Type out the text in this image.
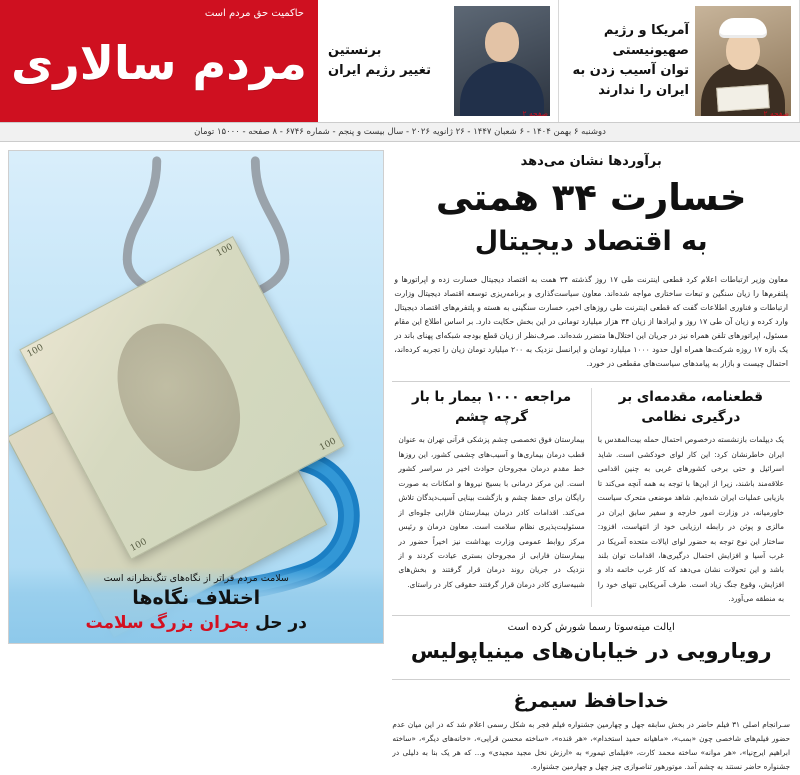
آمریکا و رژیم صهیونیستی
توان آسیب زدن به ایران را ندارند
صفحه ۲
برنستین
تغییر رژیم ایران
صفحه ۲
حاکمیت حق مردم است
مردم سالاری
دوشنبه ۶ بهمن ۱۴۰۴ - ۶ شعبان ۱۴۴۷ - ۲۶ ژانویه ۲۰۲۶ - سال بیست و پنجم - شماره ۶۷۴۶ - ۸ صفحه - ۱۵۰۰۰ تومان
برآوردها نشان می‌دهد
خسارت ۳۴ همتی
به اقتصاد دیجیتال
معاون وزیر ارتباطات اعلام کرد قطعی اینترنت طی ۱۷ روز گذشته ۳۴ همت به اقتصاد دیجیتال خسارت زده و اپراتورها و پلتفرم‌ها را زیان سنگین و تبعات ساختاری مواجه شده‌اند. معاون سیاست‌گذاری و برنامه‌ریزی توسعه اقتصاد دیجیتال وزارت ارتباطات و فناوری اطلاعات گفت که قطعی اینترنت طی روزهای اخیر، خسارت سنگینی به هسته و پلتفرم‌های اقتصاد دیجیتال وارد کرده و زیان آن طی ۱۷ روز و ایرادها از زیان ۳۴ هزار میلیارد تومانی در این بخش حکایت دارد. بر اساس اطلاع این مقام مسئول، اپراتورهای تلفن همراه نیز در جریان این اختلال‌ها متضرر شده‌اند. صرف‌نظر از زیان قطع بودجه شبکه‌ای پهنای باند در یک بازه ۱۷ روزه شرکت‌ها همراه اول حدود ۱۰۰۰ میلیارد تومان و ایرانسل نزدیک به ۲۰۰ میلیارد تومان زیان را تجربه کرده‌اند، احتمال چیست و بازار به پیامدهای سیاست‌های مقطعی در خورد.
قطعنامه، مقدمه‌ای بر درگیری نظامی
یک دیپلمات بازنشسته درخصوص احتمال حمله بیت‌المقدس با ایران خاطرنشان کرد: این کار لوای خودکشی است. شاید اسرائیل و حتی برخی کشورهای غربی به چنین اقدامی علاقه‌مند باشند، زیرا از این‌ها با توجه به همه آنچه می‌کند تا بازیابی عملیات ایران شده‌ایم. شاهد موضعی متحرک سیاست خاورمیانه، در وزارت امور خارجه و سفیر سابق ایران در مالزی و پوئن در رابطه ارزیابی خود از انتهاست، افزود: ساختار این نوع توجه به حضور لوای ایالات متحده آمریکا در غرب آسیا و افزایش احتمال درگیری‌ها، اقدامات توان بلند باشد و این تحولات نشان می‌دهد که کار غرب خاتمه داد و افزایش، وقوع جنگ زیاد است. طرف آمریکایی تنهای خود را به منطقه می‌آورد.
مراجعه ۱۰۰۰ بیمار با بار گرچه چشم
بیمارستان فوق تخصصی چشم پزشکی قرآنی تهران به عنوان قطب درمان بیماری‌ها و آسیب‌های چشمی کشور، این روزها خط مقدم درمان مجروحان حوادث اخیر در سراسر کشور است. این مرکز درمانی با بسیج نیروها و امکانات به صورت رایگان برای حفظ چشم و بازگشت بینایی آسیب‌دیدگان تلاش می‌کند. اقدامات کادر درمان بیمارستان فارابی جلوه‌ای از مسئولیت‌پذیری نظام سلامت است. معاون درمان و رئیس مرکز روابط عمومی وزارت بهداشت نیز اخیراً حضور در بیمارستان فارابی از مجروحان بستری عیادت کردند و از نزدیک در جریان روند درمان قرار گرفتند و بخش‌های شبیه‌سازی کادر درمان قرار گرفتند حقوقی کار در راستای.
ایالت مینه‌سوتا رسما شورش کرده است
رویارویی در خیابان‌های مینیاپولیس
خداحافظ سیمرغ
سـرانجام اصلی ۳۱ فیلم حاضر در بخش سابقه جهل و چهارمین جشنواره فیلم فجر به شکل رسمی اعلام شد که در این میان عدم حضور فیلم‌های شاخصی چون «بمب»، «ماهیانه حمید استخدام»، «هر قنده»، «ساخته محسن قرایی»، «خانه‌های دیگر»، «ساخته ابراهیم ایرج‌نیا»، «هر موانه» ساخته محمد کارت، «فیلمای تیمور» به «ارزش نخل مجید مجیدی» و... که هر یک بنا به دلیلی در جشنواره حاضر نستند به چشم آمد. موتورهور تناصوازی چیز چهل و چهارمین جشنواره.
100
100
100
100
سلامت مردم فراتر از نگاه‌های تنگ‌نظرانه است
اختلاف نگاه‌ها
در حل بحران بزرگ سلامت
